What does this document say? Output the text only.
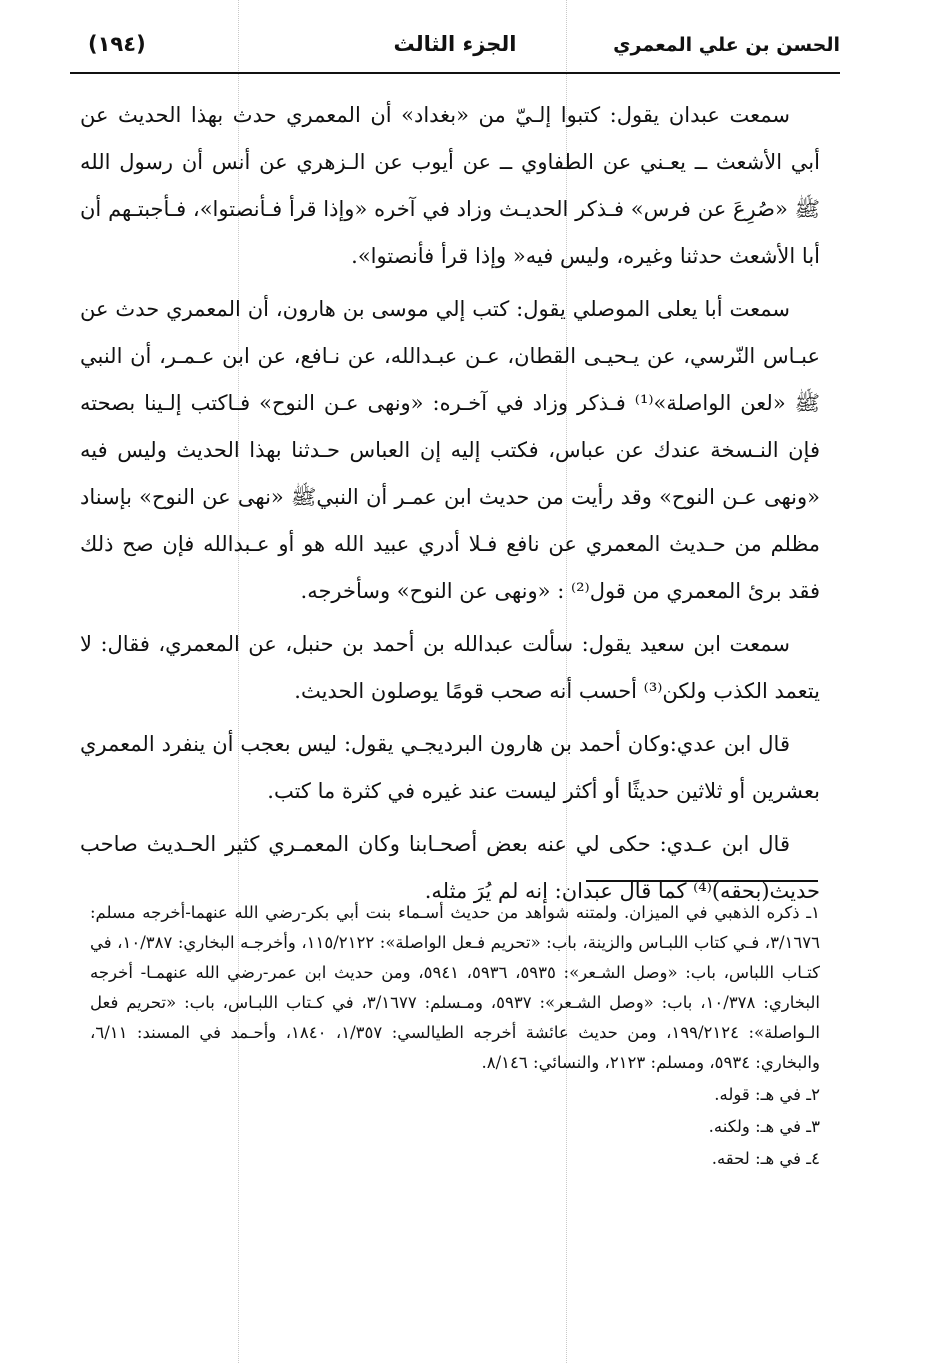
الحسن بن علي المعمري
الجزء الثالث
(١٩٤)

سمعت عبدان يقول: كتبوا إلـيّ من «بغداد» أن المعمري حدث بهذا الحديث عن أبي الأشعث ــ يعـني عن الطفاوي ــ عن أيوب عن الـزهري عن أنس أن رسول الله ﷺ «صُرِعَ عن فرس» فـذكر الحديـث وزاد في آخره «وإذا قرأ فـأنصتوا»، فـأجبتـهم أن أبا الأشعث حدثنا وغيره، وليس فيه« وإذا قرأ فأنصتوا».

سمعت أبا يعلى الموصلي يقول: كتب إلي موسى بن هارون، أن المعمري حدث عن عبـاس النّرسي، عن يـحيـى القطان، عـن عبـدالله، عن نـافع، عن ابن عـمـر، أن النبي ﷺ «لعن الواصلة»⁽¹⁾ فـذكر وزاد في آخـره: «ونهى عـن النوح» فـاكتب إلـينا بصحته فإن النـسخة عندك عن عباس، فكتب إليه إن العباس حـدثنا بهذا الحديث وليس فيه «ونهى عـن النوح» وقد رأيت من حديث ابن عمـر أن النبيﷺ «نهى عن النوح» بإسناد مظلم من حـديث المعمري عن نافع فـلا أدري عبيد الله هو أو عـبدالله فإن صح ذلك فقد برئ المعمري من قول⁽²⁾ : «ونهى عن النوح» وسأخرجه.

سمعت ابن سعيد يقول: سألت عبدالله بن أحمد بن حنبل، عن المعمري، فقال: لا يتعمد الكذب ولكن⁽³⁾ أحسب أنه صحب قومًا يوصلون الحديث.

قال ابن عدي:وكان أحمد بن هارون البرديجـي يقول: ليس بعجب أن ينفرد المعمري بعشرين أو ثلاثين حديثًا أو أكثر ليست عند غيره في كثرة ما كتب.

قال ابن عـدي: حكى لي عنه بعض أصحـابنا وكان المعمـري كثير الحـديث صاحب حديث(بحقه)⁽⁴⁾ كما قال عبدان: إنه لم يُرَ مثله.

١ـ ذكره الذهبي في الميزان. ولمتنه شواهد من حديث أسـماء بنت أبي بكر-رضي الله عنهما-أخرجه مسلم: ٣/١٦٧٦، فـي كتاب اللبـاس والزينة، باب: «تحريم فـعل الواصلة»: ١١٥/٢١٢٢، وأخرجـه البخاري: ١٠/٣٨٧، في كتـاب اللباس، باب: «وصل الشـعر»: ٥٩٣٥، ٥٩٣٦، ٥٩٤١، ومن حديث ابن عمر-رضي الله عنهمـا- أخرجه البخاري: ١٠/٣٧٨، باب: «وصل الشـعر»: ٥٩٣٧، ومـسلم: ٣/١٦٧٧، في كـتاب اللبـاس، باب: «تحريم فعل الـواصلة»: ١٩٩/٢١٢٤، ومن حديث عائشة أخرجه الطيالسي: ١/٣٥٧، ١٨٤٠، وأحـمد في المسند: ٦/١١، والبخاري: ٥٩٣٤، ومسلم: ٢١٢٣، والنسائي: ٨/١٤٦.

٢ـ في هـ: قوله.

٣ـ في هـ: ولكنه.

٤ـ في هـ: لحقه.
